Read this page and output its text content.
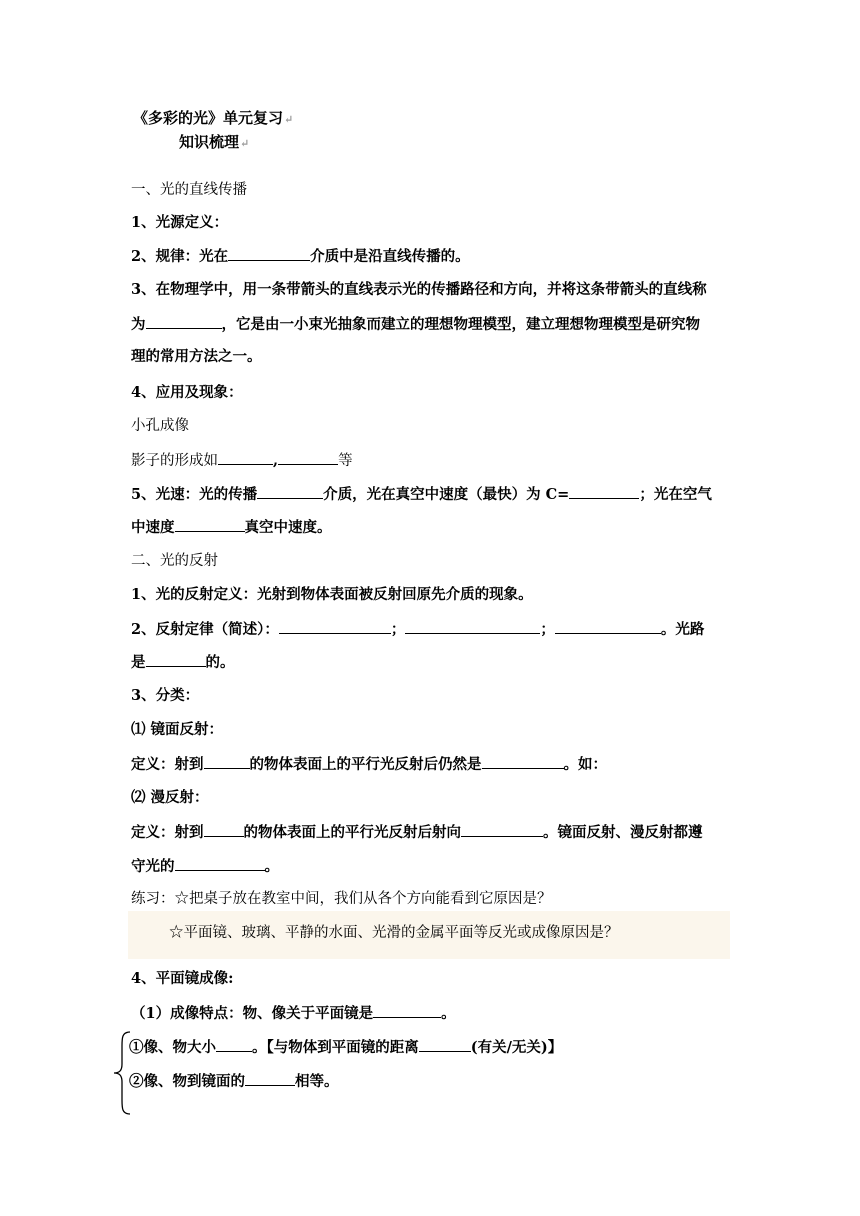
《多彩的光》单元复习↵
知识梳理↵
一、光的直线传播
1、光源定义：
2、规律：光在	介质中是沿直线传播的。
3、在物理学中，用一条带箭头的直线表示光的传播路径和方向，并将这条带箭头的直线称
为	，它是由一小束光抽象而建立的理想物理模型，建立理想物理模型是研究物
理的常用方法之一。
4、应用及现象：
小孔成像
影子的形成如	,	等
5、光速：光的传播	介质，光在真空中速度（最快）为 C=	；光在空气
中速度	真空中速度。
二、光的反射
1、光的反射定义：光射到物体表面被反射回原先介质的现象。
2、反射定律（简述）：	；	；	。光路
是	的。
3、分类：
⑴ 镜面反射：
定义：射到	的物体表面上的平行光反射后仍然是	。如：
⑵ 漫反射：
定义：射到	的物体表面上的平行光反射后射向	。镜面反射、漫反射都遵
守光的	。
练习：☆把桌子放在教室中间，我们从各个方向能看到它原因是？
☆平面镜、玻璃、平静的水面、光滑的金属平面等反光或成像原因是？
4、平面镜成像:
（1）成像特点：物、像关于平面镜是	。
①像、物大小 。【与物体到平面镜的距离	(有关/无关)】
②像、物到镜面的	相等。
